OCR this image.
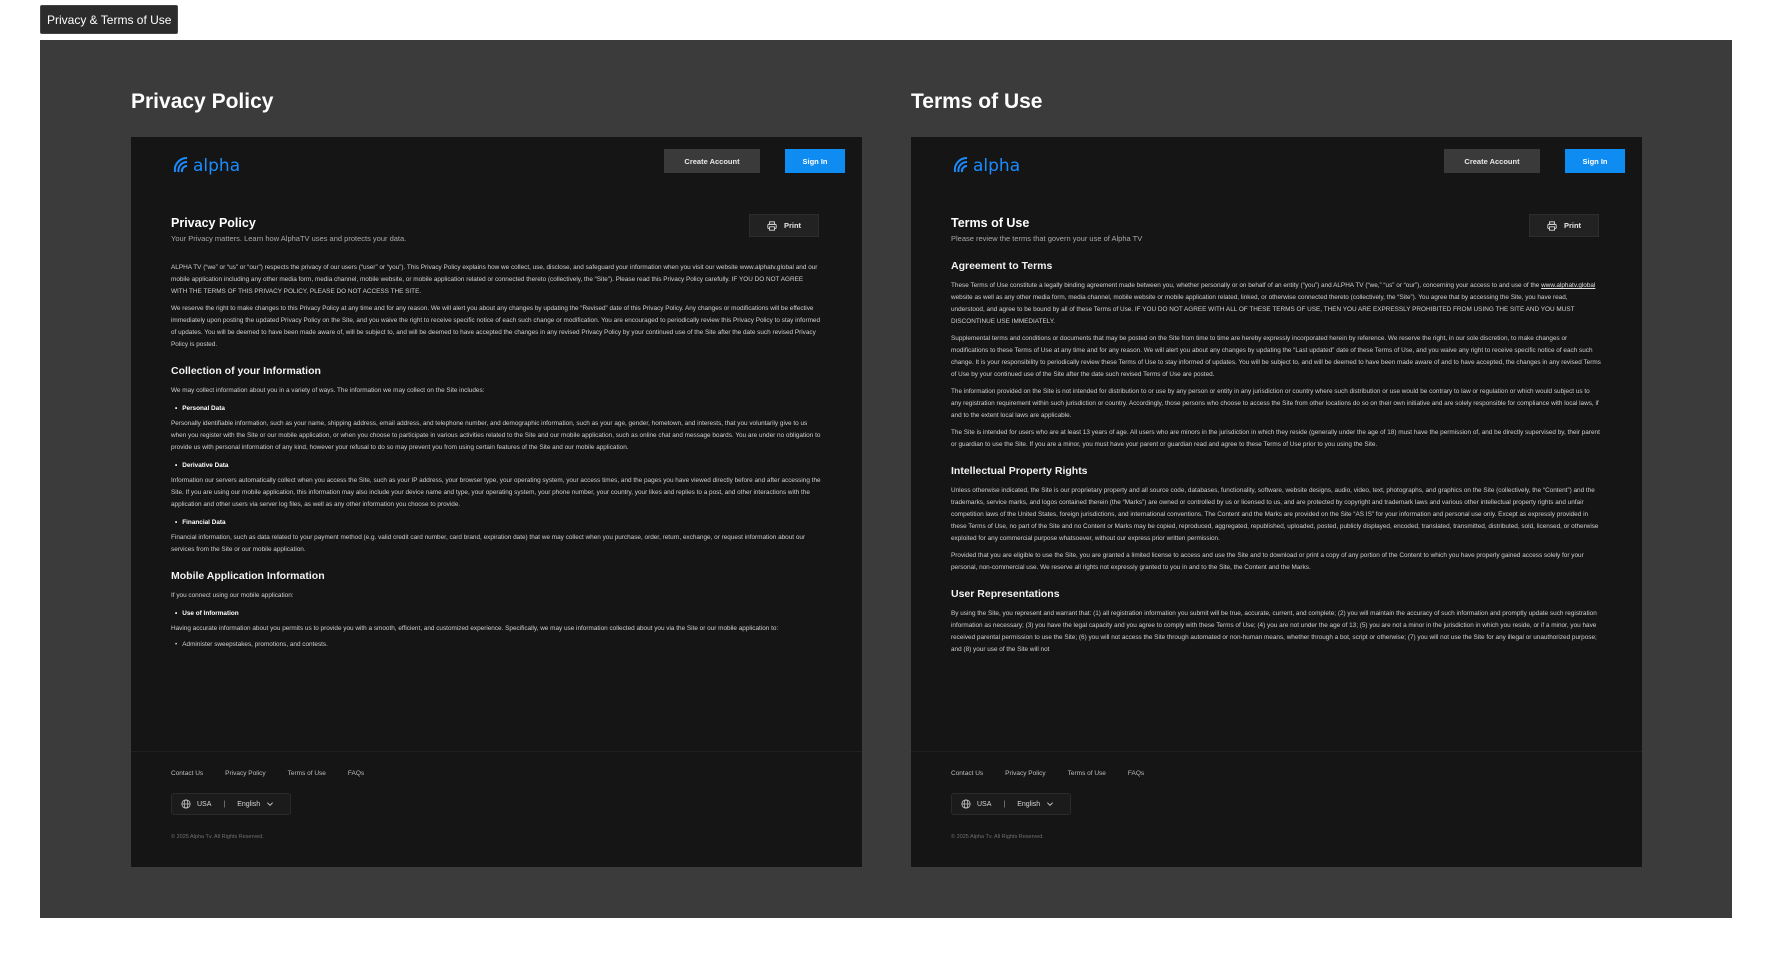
Privacy & Terms of Use
Privacy Policy
alpha	Create Account	Sign In
Print
Privacy Policy
Your Privacy matters. Learn how AlphaTV uses and protects your data.

ALPHA TV (“we” or “us” or “our”) respects the privacy of our users (“user” or “you”). This Privacy Policy explains how we collect, use, disclose, and safeguard your information when you visit our website www.alphatv.global and our mobile application including any other media form, media channel, mobile website, or mobile application related or connected thereto (collectively, the “Site”). Please read this Privacy Policy carefully. IF YOU DO NOT AGREE WITH THE TERMS OF THIS PRIVACY POLICY, PLEASE DO NOT ACCESS THE SITE.

We reserve the right to make changes to this Privacy Policy at any time and for any reason. We will alert you about any changes by updating the “Revised” date of this Privacy Policy. Any changes or modifications will be effective immediately upon posting the updated Privacy Policy on the Site, and you waive the right to receive specific notice of each such change or modification. You are encouraged to periodically review this Privacy Policy to stay informed of updates. You will be deemed to have been made aware of, will be subject to, and will be deemed to have accepted the changes in any revised Privacy Policy by your continued use of the Site after the date such revised Privacy Policy is posted.

Collection of your Information

We may collect information about you in a variety of ways. The information we may collect on the Site includes:

• Personal Data

Personally identifiable information, such as your name, shipping address, email address, and telephone number, and demographic information, such as your age, gender, hometown, and interests, that you voluntarily give to us when you register with the Site or our mobile application, or when you choose to participate in various activities related to the Site and our mobile application, such as online chat and message boards. You are under no obligation to provide us with personal information of any kind, however your refusal to do so may prevent you from using certain features of the Site and our mobile application.

• Derivative Data

Information our servers automatically collect when you access the Site, such as your IP address, your browser type, your operating system, your access times, and the pages you have viewed directly before and after accessing the Site. If you are using our mobile application, this information may also include your device name and type, your operating system, your phone number, your country, your likes and replies to a post, and other interactions with the application and other users via server log files, as well as any other information you choose to provide.

• Financial Data

Financial information, such as data related to your payment method (e.g. valid credit card number, card brand, expiration date) that we may collect when you purchase, order, return, exchange, or request information about our services from the Site or our mobile application.

Mobile Application Information

If you connect using our mobile application:

• Use of Information

Having accurate information about you permits us to provide you with a smooth, efficient, and customized experience. Specifically, we may use information collected about you via the Site or our mobile application to:

• Administer sweepstakes, promotions, and contests.
Contact Us	Privacy Policy	Terms of Use	FAQs
USA | English
© 2025 Alpha Tv. All Rights Reserved.
Terms of Use
alpha	Create Account	Sign In
Print
Terms of Use
Please review the terms that govern your use of Alpha TV
Agreement to Terms

These Terms of Use constitute a legally binding agreement made between you, whether personally or on behalf of an entity (“you”) and ALPHA TV (“we,” “us” or “our”), concerning your access to and use of the www.alphatv.global website as well as any other media form, media channel, mobile website or mobile application related, linked, or otherwise connected thereto (collectively, the “Site”). You agree that by accessing the Site, you have read, understood, and agree to be bound by all of these Terms of Use. IF YOU DO NOT AGREE WITH ALL OF THESE TERMS OF USE, THEN YOU ARE EXPRESSLY PROHIBITED FROM USING THE SITE AND YOU MUST DISCONTINUE USE IMMEDIATELY.

Supplemental terms and conditions or documents that may be posted on the Site from time to time are hereby expressly incorporated herein by reference. We reserve the right, in our sole discretion, to make changes or modifications to these Terms of Use at any time and for any reason. We will alert you about any changes by updating the “Last updated” date of these Terms of Use, and you waive any right to receive specific notice of each such change. It is your responsibility to periodically review these Terms of Use to stay informed of updates. You will be subject to, and will be deemed to have been made aware of and to have accepted, the changes in any revised Terms of Use by your continued use of the Site after the date such revised Terms of Use are posted.

The information provided on the Site is not intended for distribution to or use by any person or entity in any jurisdiction or country where such distribution or use would be contrary to law or regulation or which would subject us to any registration requirement within such jurisdiction or country. Accordingly, those persons who choose to access the Site from other locations do so on their own initiative and are solely responsible for compliance with local laws, if and to the extent local laws are applicable.

The Site is intended for users who are at least 13 years of age. All users who are minors in the jurisdiction in which they reside (generally under the age of 18) must have the permission of, and be directly supervised by, their parent or guardian to use the Site. If you are a minor, you must have your parent or guardian read and agree to these Terms of Use prior to you using the Site.

Intellectual Property Rights

Unless otherwise indicated, the Site is our proprietary property and all source code, databases, functionality, software, website designs, audio, video, text, photographs, and graphics on the Site (collectively, the “Content”) and the trademarks, service marks, and logos contained therein (the “Marks”) are owned or controlled by us or licensed to us, and are protected by copyright and trademark laws and various other intellectual property rights and unfair competition laws of the United States, foreign jurisdictions, and international conventions. The Content and the Marks are provided on the Site “AS IS” for your information and personal use only. Except as expressly provided in these Terms of Use, no part of the Site and no Content or Marks may be copied, reproduced, aggregated, republished, uploaded, posted, publicly displayed, encoded, translated, transmitted, distributed, sold, licensed, or otherwise exploited for any commercial purpose whatsoever, without our express prior written permission.

Provided that you are eligible to use the Site, you are granted a limited license to access and use the Site and to download or print a copy of any portion of the Content to which you have properly gained access solely for your personal, non-commercial use. We reserve all rights not expressly granted to you in and to the Site, the Content and the Marks.

User Representations

By using the Site, you represent and warrant that: (1) all registration information you submit will be true, accurate, current, and complete; (2) you will maintain the accuracy of such information and promptly update such registration information as necessary; (3) you have the legal capacity and you agree to comply with these Terms of Use; (4) you are not under the age of 13; (5) you are not a minor in the jurisdiction in which you reside, or if a minor, you have received parental permission to use the Site; (6) you will not access the Site through automated or non-human means, whether through a bot, script or otherwise; (7) you will not use the Site for any illegal or unauthorized purpose; and (8) your use of the Site will not

Contact Us	Privacy Policy	Terms of Use	FAQs
USA | English
© 2025 Alpha Tv. All Rights Reserved.
